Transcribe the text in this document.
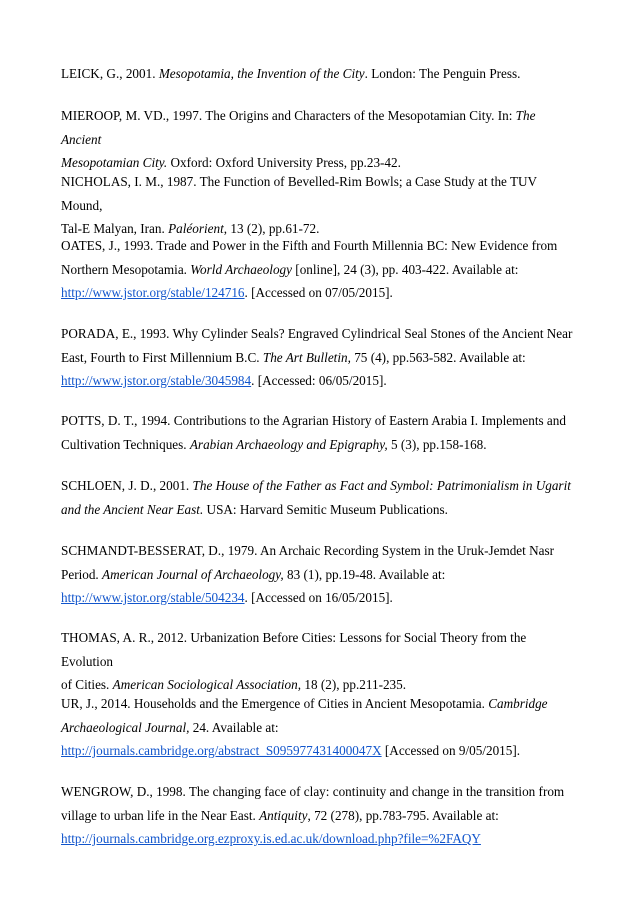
LEICK, G., 2001. Mesopotamia, the Invention of the City. London: The Penguin Press.

MIEROOP, M. VD., 1997. The Origins and Characters of the Mesopotamian City. In: The Ancient

Mesopotamian City. Oxford: Oxford University Press, pp.23-42.

NICHOLAS, I. M., 1987. The Function of Bevelled-Rim Bowls; a Case Study at the TUV Mound,

Tal-E Malyan, Iran. Paléorient, 13 (2), pp.61-72.

OATES, J., 1993. Trade and Power in the Fifth and Fourth Millennia BC: New Evidence from

Northern Mesopotamia. World Archaeology [online], 24 (3), pp. 403-422. Available at:

http://www.jstor.org/stable/124716. [Accessed on 07/05/2015].

PORADA, E., 1993. Why Cylinder Seals? Engraved Cylindrical Seal Stones of the Ancient Near

East, Fourth to First Millennium B.C. The Art Bulletin, 75 (4), pp.563-582. Available at:

http://www.jstor.org/stable/3045984. [Accessed: 06/05/2015].

POTTS, D. T., 1994. Contributions to the Agrarian History of Eastern Arabia I. Implements and

Cultivation Techniques. Arabian Archaeology and Epigraphy, 5 (3), pp.158-168.

SCHLOEN, J. D., 2001. The House of the Father as Fact and Symbol: Patrimonialism in Ugarit

and the Ancient Near East. USA: Harvard Semitic Museum Publications.

SCHMANDT-BESSERAT, D., 1979. An Archaic Recording System in the Uruk-Jemdet Nasr

Period. American Journal of Archaeology, 83 (1), pp.19-48. Available at:

http://www.jstor.org/stable/504234. [Accessed on 16/05/2015].

THOMAS, A. R., 2012. Urbanization Before Cities: Lessons for Social Theory from the Evolution

of Cities. American Sociological Association, 18 (2), pp.211-235.

UR, J., 2014. Households and the Emergence of Cities in Ancient Mesopotamia. Cambridge

Archaeological Journal, 24. Available at:

http://journals.cambridge.org/abstract_S095977431400047X [Accessed on 9/05/2015].

WENGROW, D., 1998. The changing face of clay: continuity and change in the transition from

village to urban life in the Near East. Antiquity, 72 (278), pp.783-795. Available at:

http://journals.cambridge.org.ezproxy.is.ed.ac.uk/download.php?file=%2FAQY
